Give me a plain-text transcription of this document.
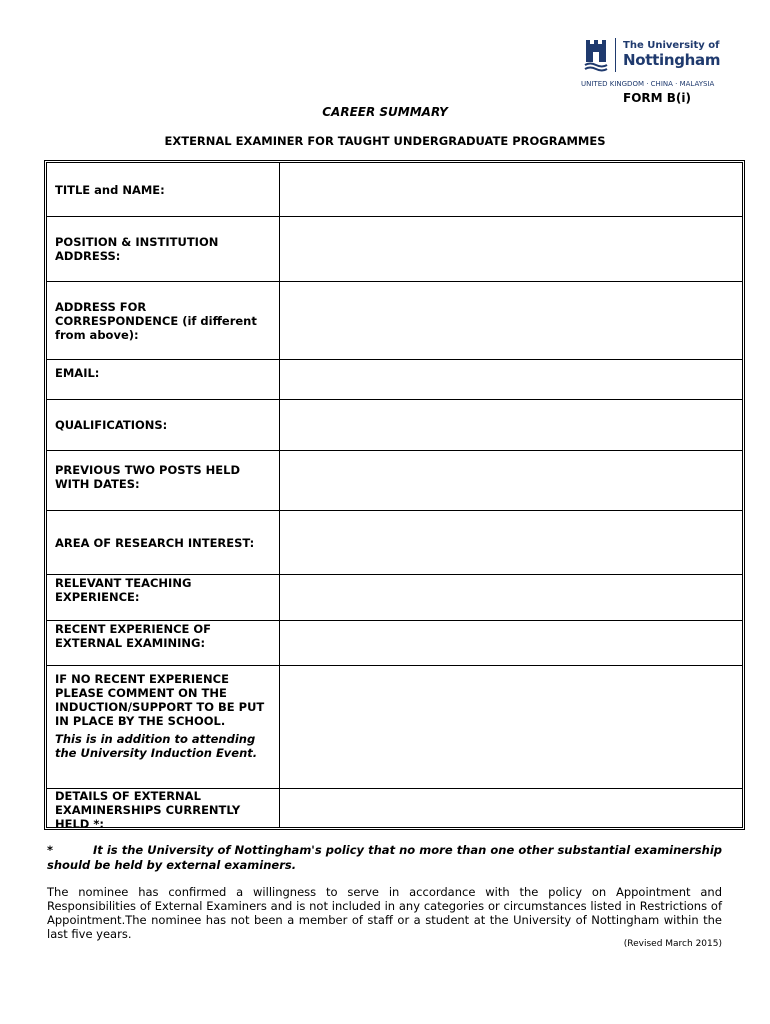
The University of
Nottingham
UNITED KINGDOM · CHINA · MALAYSIA
FORM B(i)
CAREER SUMMARY
EXTERNAL EXAMINER FOR TAUGHT UNDERGRADUATE PROGRAMMES
TITLE and NAME:
POSITION & INSTITUTION ADDRESS:
ADDRESS FOR CORRESPONDENCE (if different from above):
EMAIL:
QUALIFICATIONS:
PREVIOUS TWO POSTS HELD WITH DATES:
AREA OF RESEARCH INTEREST:
RELEVANT TEACHING EXPERIENCE:
RECENT EXPERIENCE OF EXTERNAL EXAMINING:
IF NO RECENT EXPERIENCE PLEASE COMMENT ON THE INDUCTION/SUPPORT TO BE PUT IN PLACE BY THE SCHOOL.
This is in addition to attending the University Induction Event.
DETAILS OF EXTERNAL EXAMINERSHIPS CURRENTLY HELD *:
*	It is the University of Nottingham's policy that no more than one other substantial examinership should be held by external examiners.
The nominee has confirmed a willingness to serve in accordance with the policy on Appointment and Responsibilities of External Examiners and is not included in any categories or circumstances listed in Restrictions of Appointment.The nominee has not been a member of staff or a student at the University of Nottingham within the last five years.
(Revised March 2015)
